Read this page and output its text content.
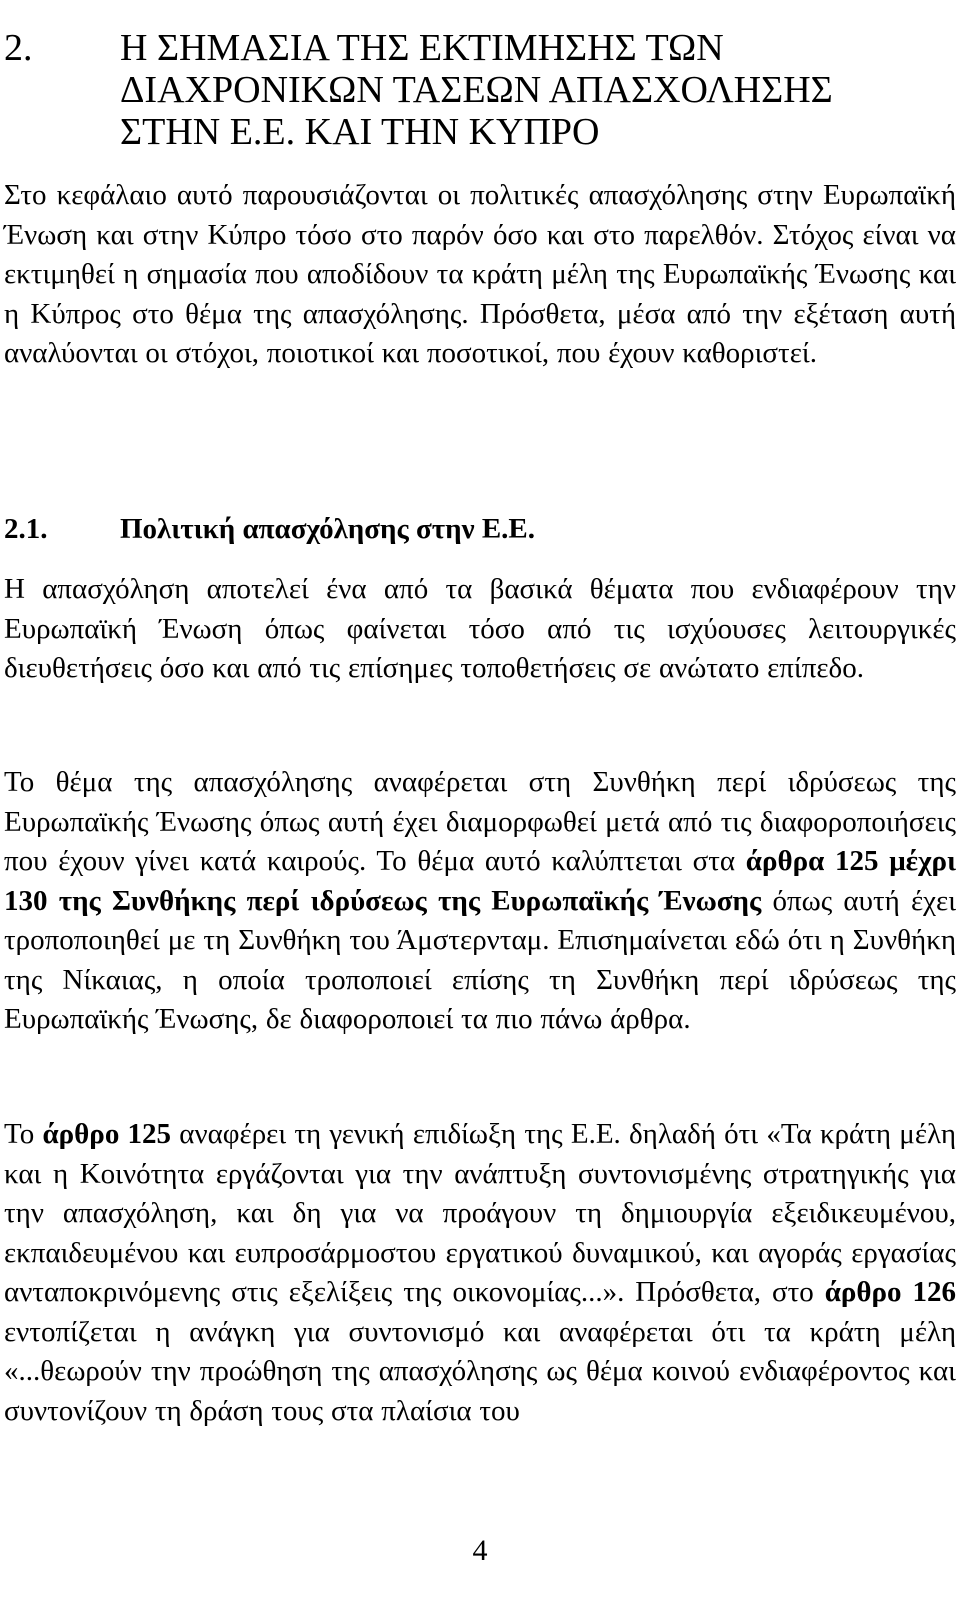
2. Η ΣΗΜΑΣΙΑ ΤΗΣ ΕΚΤΙΜΗΣΗΣ ΤΩΝ ΔΙΑΧΡΟΝΙΚΩΝ ΤΑΣΕΩΝ ΑΠΑΣΧΟΛΗΣΗΣ ΣΤΗΝ Ε.Ε. ΚΑΙ ΤΗΝ ΚΥΠΡΟ

Στο κεφάλαιο αυτό παρουσιάζονται οι πολιτικές απασχόλησης στην Ευρωπαϊκή Ένωση και στην Κύπρο τόσο στο παρόν όσο και στο παρελθόν. Στόχος είναι να εκτιμηθεί η σημασία που αποδίδουν τα κράτη μέλη της Ευρωπαϊκής Ένωσης και η Κύπρος στο θέμα της απασχόλησης. Πρόσθετα, μέσα από την εξέταση αυτή αναλύονται οι στόχοι, ποιοτικοί και ποσοτικοί, που έχουν καθοριστεί.

2.1.	Πολιτική απασχόλησης στην Ε.Ε.

Η απασχόληση αποτελεί ένα από τα βασικά θέματα που ενδιαφέρουν την Ευρωπαϊκή Ένωση όπως φαίνεται τόσο από τις ισχύουσες λειτουργικές διευθετήσεις όσο και από τις επίσημες τοποθετήσεις σε ανώτατο επίπεδο.

Το θέμα της απασχόλησης αναφέρεται στη Συνθήκη περί ιδρύσεως της Ευρωπαϊκής Ένωσης όπως αυτή έχει διαμορφωθεί μετά από τις διαφοροποιήσεις που έχουν γίνει κατά καιρούς. Το θέμα αυτό καλύπτεται στα άρθρα 125 μέχρι 130 της Συνθήκης περί ιδρύσεως της Ευρωπαϊκής Ένωσης όπως αυτή έχει τροποποιηθεί με τη Συνθήκη του Άμστερνταμ. Επισημαίνεται εδώ ότι η Συνθήκη της Νίκαιας, η οποία τροποποιεί επίσης τη Συνθήκη περί ιδρύσεως της Ευρωπαϊκής Ένωσης, δε διαφοροποιεί τα πιο πάνω άρθρα.

Το άρθρο 125 αναφέρει τη γενική επιδίωξη της Ε.Ε. δηλαδή ότι «Τα κράτη μέλη και η Κοινότητα εργάζονται για την ανάπτυξη συντονισμένης στρατηγικής για την απασχόληση, και δη για να προάγουν τη δημιουργία εξειδικευμένου, εκπαιδευμένου και ευπροσάρμοστου εργατικού δυναμικού, και αγοράς εργασίας ανταποκρινόμενης στις εξελίξεις της οικονομίας...». Πρόσθετα, στο άρθρο 126 εντοπίζεται η ανάγκη για συντονισμό και αναφέρεται ότι τα κράτη μέλη «...θεωρούν την προώθηση της απασχόλησης ως θέμα κοινού ενδιαφέροντος και συντονίζουν τη δράση τους στα πλαίσια του

4
